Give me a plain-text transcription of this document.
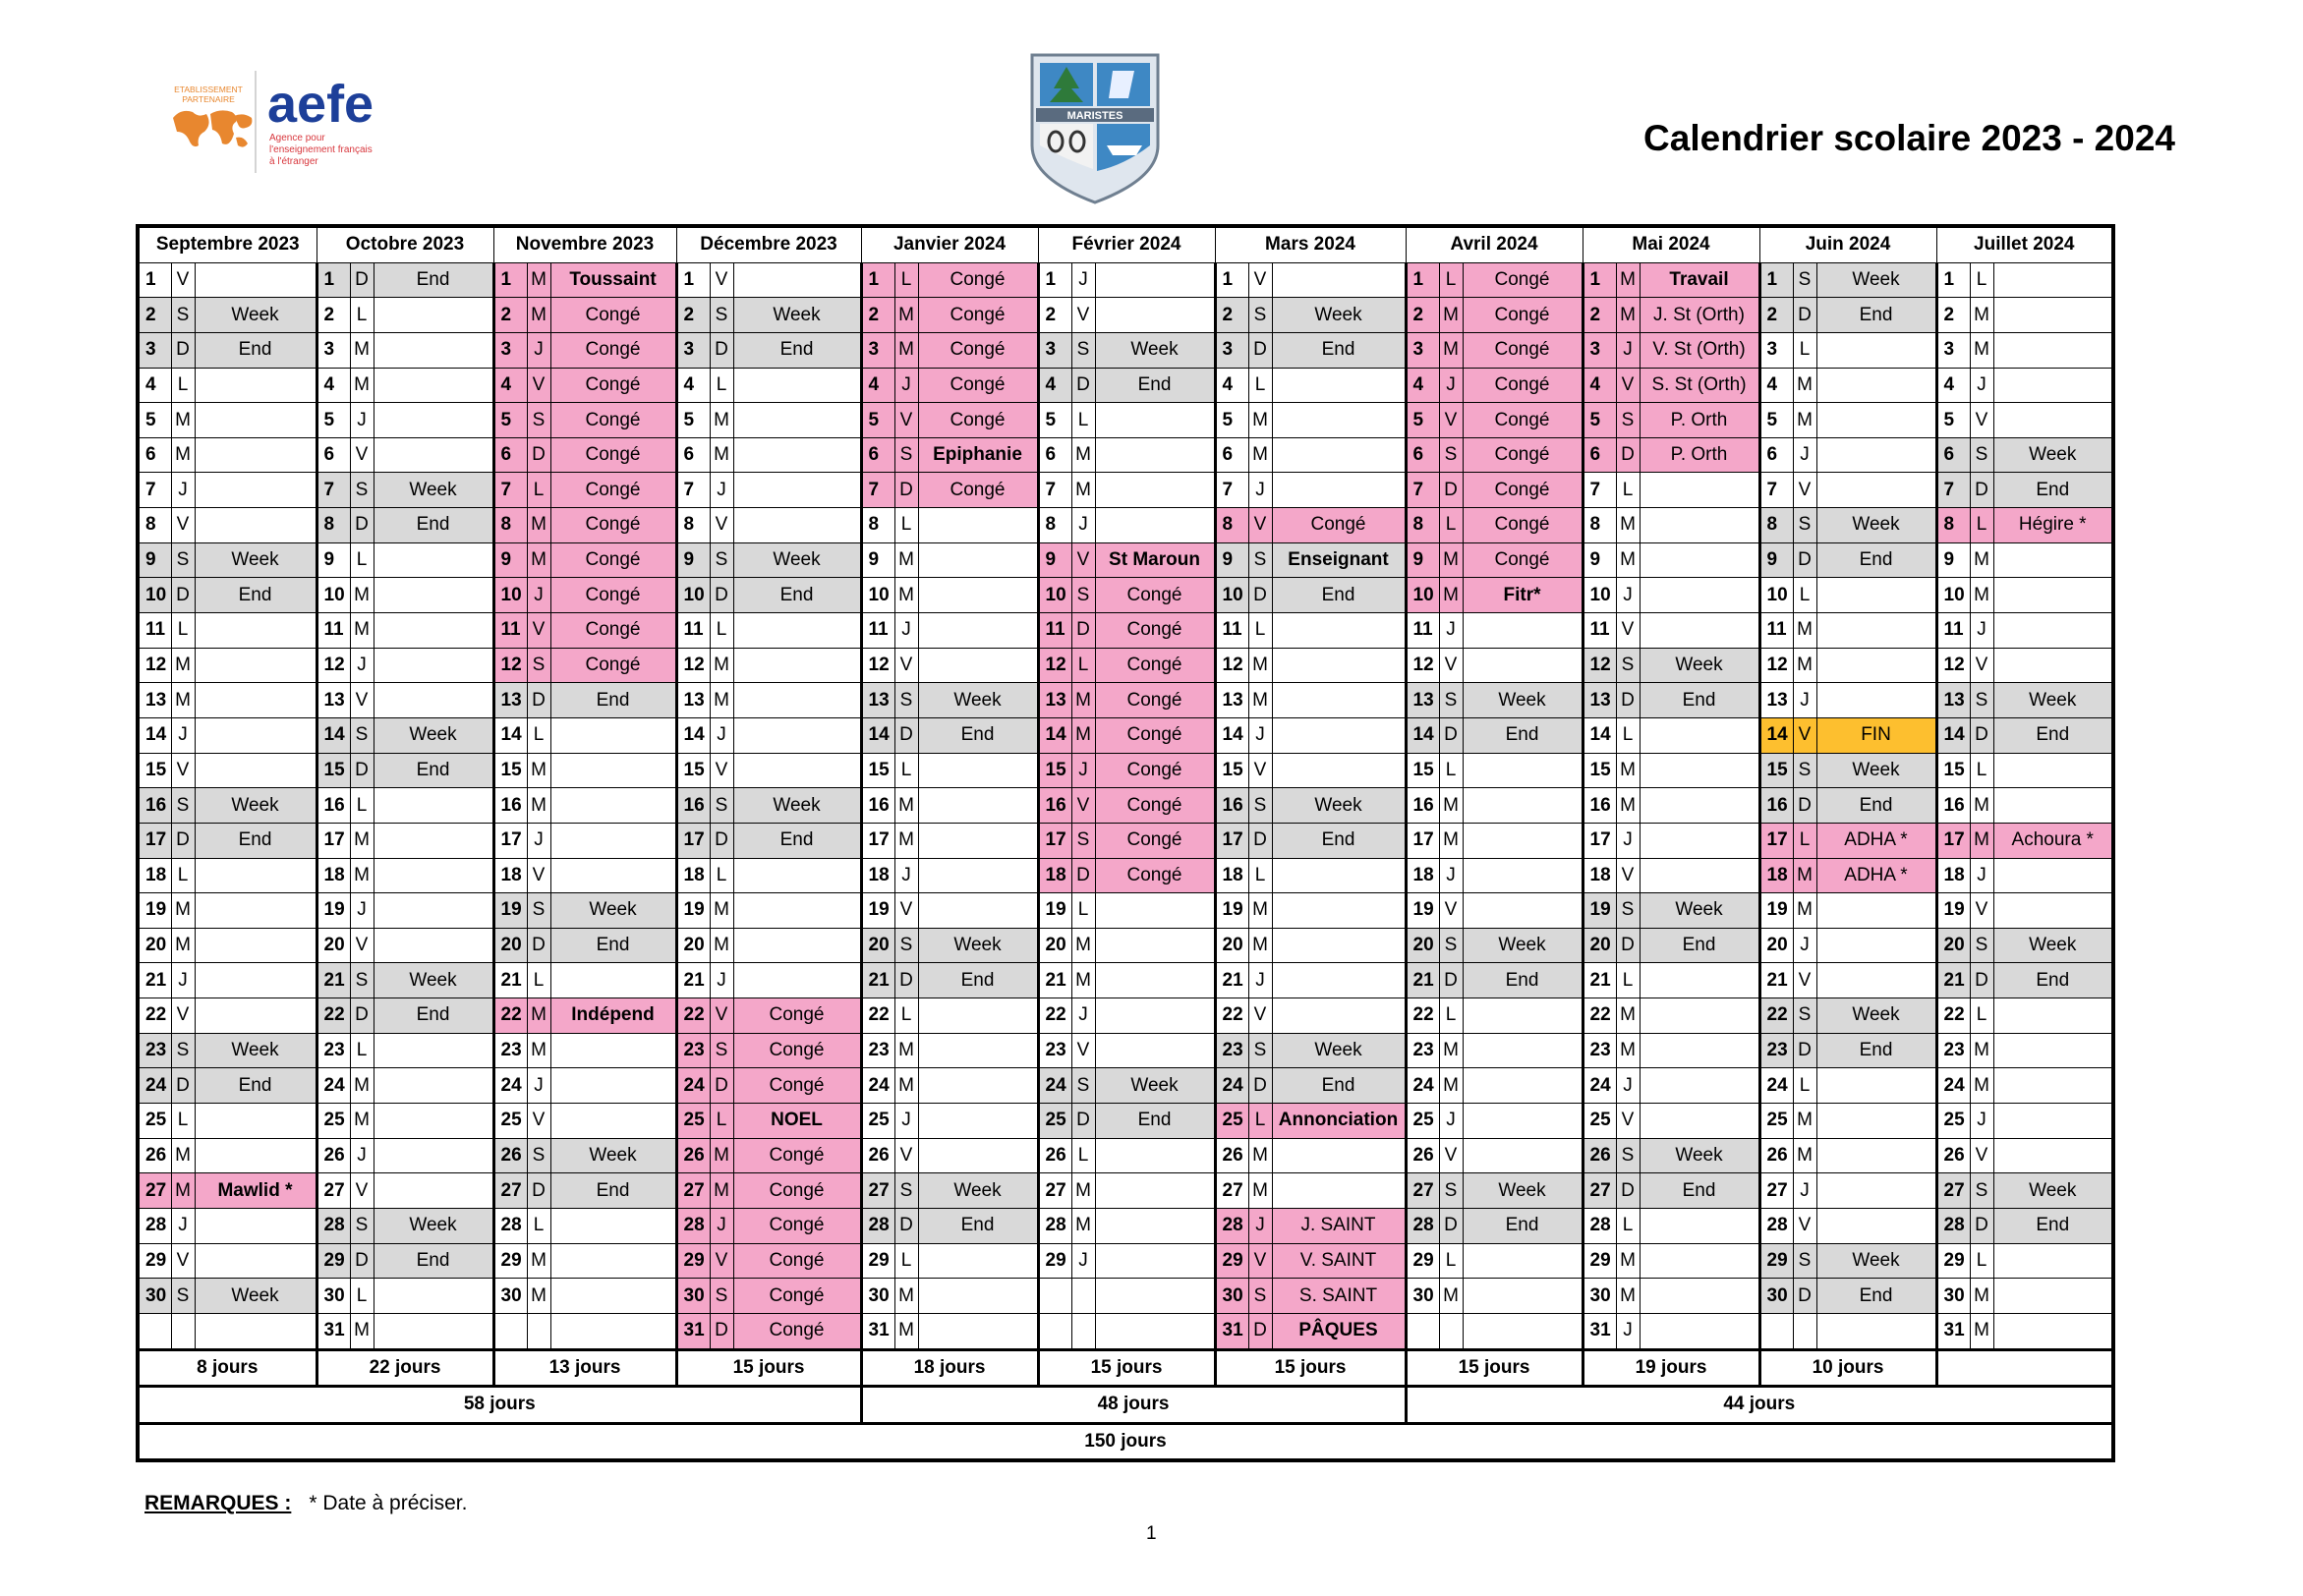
ETABLISSEMENT
PARTENAIRE aefe
Agence pour
l'enseignement français
à l'étranger
MARISTES
Calendrier scolaire 2023 - 2024
Septembre 2023			Octobre 2023			Novembre 2023			Décembre 2023			Janvier 2024			Février 2024			Mars 2024			Avril 2024			Mai 2024			Juin 2024			Juillet 2024		
1	V		1	D	End	1	M	Toussaint	1	V		1	L	Congé	1	J		1	V		1	L	Congé	1	M	Travail	1	S	Week	1	L	
2	S	Week	2	L		2	M	Congé	2	S	Week	2	M	Congé	2	V		2	S	Week	2	M	Congé	2	M	J. St (Orth)	2	D	End	2	M	
3	D	End	3	M		3	J	Congé	3	D	End	3	M	Congé	3	S	Week	3	D	End	3	M	Congé	3	J	V. St (Orth)	3	L		3	M	
4	L		4	M		4	V	Congé	4	L		4	J	Congé	4	D	End	4	L		4	J	Congé	4	V	S. St (Orth)	4	M		4	J	
5	M		5	J		5	S	Congé	5	M		5	V	Congé	5	L		5	M		5	V	Congé	5	S	P. Orth	5	M		5	V	
6	M		6	V		6	D	Congé	6	M		6	S	Epiphanie	6	M		6	M		6	S	Congé	6	D	P. Orth	6	J		6	S	Week
7	J		7	S	Week	7	L	Congé	7	J		7	D	Congé	7	M		7	J		7	D	Congé	7	L		7	V		7	D	End
8	V		8	D	End	8	M	Congé	8	V		8	L		8	J		8	V	Congé	8	L	Congé	8	M		8	S	Week	8	L	Hégire *
9	S	Week	9	L		9	M	Congé	9	S	Week	9	M		9	V	St Maroun	9	S	Enseignant	9	M	Congé	9	M		9	D	End	9	M	
10	D	End	10	M		10	J	Congé	10	D	End	10	M		10	S	Congé	10	D	End	10	M	Fitr*	10	J		10	L		10	M	
11	L		11	M		11	V	Congé	11	L		11	J		11	D	Congé	11	L		11	J		11	V		11	M		11	J	
12	M		12	J		12	S	Congé	12	M		12	V		12	L	Congé	12	M		12	V		12	S	Week	12	M		12	V	
13	M		13	V		13	D	End	13	M		13	S	Week	13	M	Congé	13	M		13	S	Week	13	D	End	13	J		13	S	Week
14	J		14	S	Week	14	L		14	J		14	D	End	14	M	Congé	14	J		14	D	End	14	L		14	V	FIN	14	D	End
15	V		15	D	End	15	M		15	V		15	L		15	J	Congé	15	V		15	L		15	M		15	S	Week	15	L	
16	S	Week	16	L		16	M		16	S	Week	16	M		16	V	Congé	16	S	Week	16	M		16	M		16	D	End	16	M	
17	D	End	17	M		17	J		17	D	End	17	M		17	S	Congé	17	D	End	17	M		17	J		17	L	ADHA *	17	M	Achoura *
18	L		18	M		18	V		18	L		18	J		18	D	Congé	18	L		18	J		18	V		18	M	ADHA *	18	J	
19	M		19	J		19	S	Week	19	M		19	V		19	L		19	M		19	V		19	S	Week	19	M		19	V	
20	M		20	V		20	D	End	20	M		20	S	Week	20	M		20	M		20	S	Week	20	D	End	20	J		20	S	Week
21	J		21	S	Week	21	L		21	J		21	D	End	21	M		21	J		21	D	End	21	L		21	V		21	D	End
22	V		22	D	End	22	M	Indépend	22	V	Congé	22	L		22	J		22	V		22	L		22	M		22	S	Week	22	L	
23	S	Week	23	L		23	M		23	S	Congé	23	M		23	V		23	S	Week	23	M		23	M		23	D	End	23	M	
24	D	End	24	M		24	J		24	D	Congé	24	M		24	S	Week	24	D	End	24	M		24	J		24	L		24	M	
25	L		25	M		25	V		25	L	NOEL	25	J		25	D	End	25	L	Annonciation	25	J		25	V		25	M		25	J	
26	M		26	J		26	S	Week	26	M	Congé	26	V		26	L		26	M		26	V		26	S	Week	26	M		26	V	
27	M	Mawlid *	27	V		27	D	End	27	M	Congé	27	S	Week	27	M		27	M		27	S	Week	27	D	End	27	J		27	S	Week
28	J		28	S	Week	28	L		28	J	Congé	28	D	End	28	M		28	J	J. SAINT	28	D	End	28	L		28	V		28	D	End
29	V		29	D	End	29	M		29	V	Congé	29	L		29	J		29	V	V. SAINT	29	L		29	M		29	S	Week	29	L	
30	S	Week	30	L		30	M		30	S	Congé	30	M					30	S	S. SAINT	30	M		30	M		30	D	End	30	M	
			31	M					31	D	Congé	31	M					31	D	PÂQUES				31	J					31	M	
8 jours			22 jours			13 jours			15 jours			18 jours			15 jours			15 jours			15 jours			19 jours			10 jours					
58 jours												48 jours									44 jours											
150 jours																																
REMARQUES : * Date à préciser.
1
